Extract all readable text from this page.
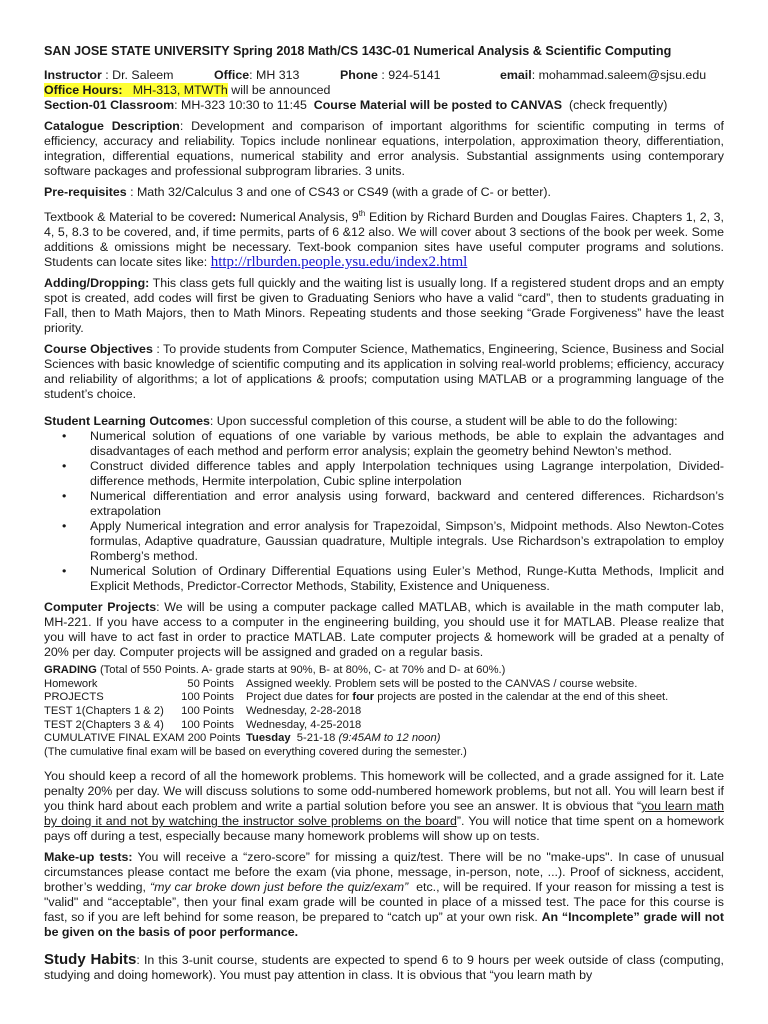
SAN JOSE STATE UNIVERSITY Spring 2018 Math/CS 143C-01 Numerical Analysis & Scientific Computing
Instructor : Dr. Saleem	Office: MH 313	Phone : 924-5141	email: mohammad.saleem@sjsu.edu
Office Hours:   MH-313, MTWTh will be announced
Section-01 Classroom: MH-323 10:30 to 11:45  Course Material will be posted to CANVAS  (check frequently)

Catalogue Description: Development and comparison of important algorithms for scientific computing in terms of efficiency, accuracy and reliability. Topics include nonlinear equations, interpolation, approximation theory, differentiation, integration, differential equations, numerical stability and error analysis. Substantial assignments using contemporary software packages and professional subprogram libraries. 3 units.

Pre-requisites : Math 32/Calculus 3 and one of CS43 or CS49 (with a grade of C- or better).

Textbook & Material to be covered: Numerical Analysis, 9th Edition by Richard Burden and Douglas Faires. Chapters 1, 2, 3, 4, 5, 8.3 to be covered, and, if time permits, parts of 6 &12 also. We will cover about 3 sections of the book per week. Some additions & omissions might be necessary. Text-book companion sites have useful computer programs and solutions. Students can locate sites like: http://rlburden.people.ysu.edu/index2.html

Adding/Dropping: This class gets full quickly and the waiting list is usually long. If a registered student drops and an empty spot is created, add codes will first be given to Graduating Seniors who have a valid “card”, then to students graduating in Fall, then to Math Majors, then to Math Minors. Repeating students and those seeking “Grade Forgiveness” have the least priority.

Course Objectives : To provide students from Computer Science, Mathematics, Engineering, Science, Business and Social Sciences with basic knowledge of scientific computing and its application in solving real-world problems; efficiency, accuracy and reliability of algorithms; a lot of applications & proofs; computation using MATLAB or a programming language of the student’s choice.

Student Learning Outcomes: Upon successful completion of this course, a student will be able to do the following:
• Numerical solution of equations of one variable by various methods, be able to explain the advantages and disadvantages of each method and perform error analysis; explain the geometry behind Newton’s method.
• Construct divided difference tables and apply Interpolation techniques using Lagrange interpolation, Divided-difference methods, Hermite interpolation, Cubic spline interpolation
• Numerical differentiation and error analysis using forward, backward and centered differences. Richardson’s extrapolation
• Apply Numerical integration and error analysis for Trapezoidal, Simpson’s, Midpoint methods. Also Newton-Cotes formulas, Adaptive quadrature, Gaussian quadrature, Multiple integrals. Use Richardson’s extrapolation to employ Romberg’s method.
• Numerical Solution of Ordinary Differential Equations using Euler’s Method, Runge-Kutta Methods, Implicit and Explicit Methods, Predictor-Corrector Methods, Stability, Existence and Uniqueness.

Computer Projects: We will be using a computer package called MATLAB, which is available in the math computer lab, MH-221. If you have access to a computer in the engineering building, you should use it for MATLAB. Please realize that you will have to act fast in order to practice MATLAB. Late computer projects & homework will be graded at a penalty of 20% per day. Computer projects will be assigned and graded on a regular basis.

GRADING (Total of 550 Points. A- grade starts at 90%, B- at 80%, C- at 70% and D- at 60%.)
Homework	50 Points	Assigned weekly. Problem sets will be posted to the CANVAS / course website.
PROJECTS	100 Points	Project due dates for four projects are posted in the calendar at the end of this sheet.
TEST 1(Chapters 1 & 2)	100 Points	Wednesday, 2-28-2018
TEST 2(Chapters 3 & 4)	100 Points	Wednesday, 4-25-2018
CUMULATIVE FINAL EXAM 200 Points Tuesday  5-21-18 (9:45AM to 12 noon)
(The cumulative final exam will be based on everything covered during the semester.)

You should keep a record of all the homework problems. This homework will be collected, and a grade assigned for it. Late penalty 20% per day. We will discuss solutions to some odd-numbered homework problems, but not all. You will learn best if you think hard about each problem and write a partial solution before you see an answer. It is obvious that “you learn math by doing it and not by watching the instructor solve problems on the board”. You will notice that time spent on a homework pays off during a test, especially because many homework problems will show up on tests.

Make-up tests: You will receive a “zero-score” for missing a quiz/test. There will be no "make-ups". In case of unusual circumstances please contact me before the exam (via phone, message, in-person, note, ...). Proof of sickness, accident, brother’s wedding, “my car broke down just before the quiz/exam”  etc., will be required. If your reason for missing a test is "valid" and “acceptable”, then your final exam grade will be counted in place of a missed test. The pace for this course is fast, so if you are left behind for some reason, be prepared to “catch up” at your own risk. An “Incomplete” grade will not be given on the basis of poor performance.

Study Habits: In this 3-unit course, students are expected to spend 6 to 9 hours per week outside of class (computing, studying and doing homework). You must pay attention in class. It is obvious that “you learn math by
